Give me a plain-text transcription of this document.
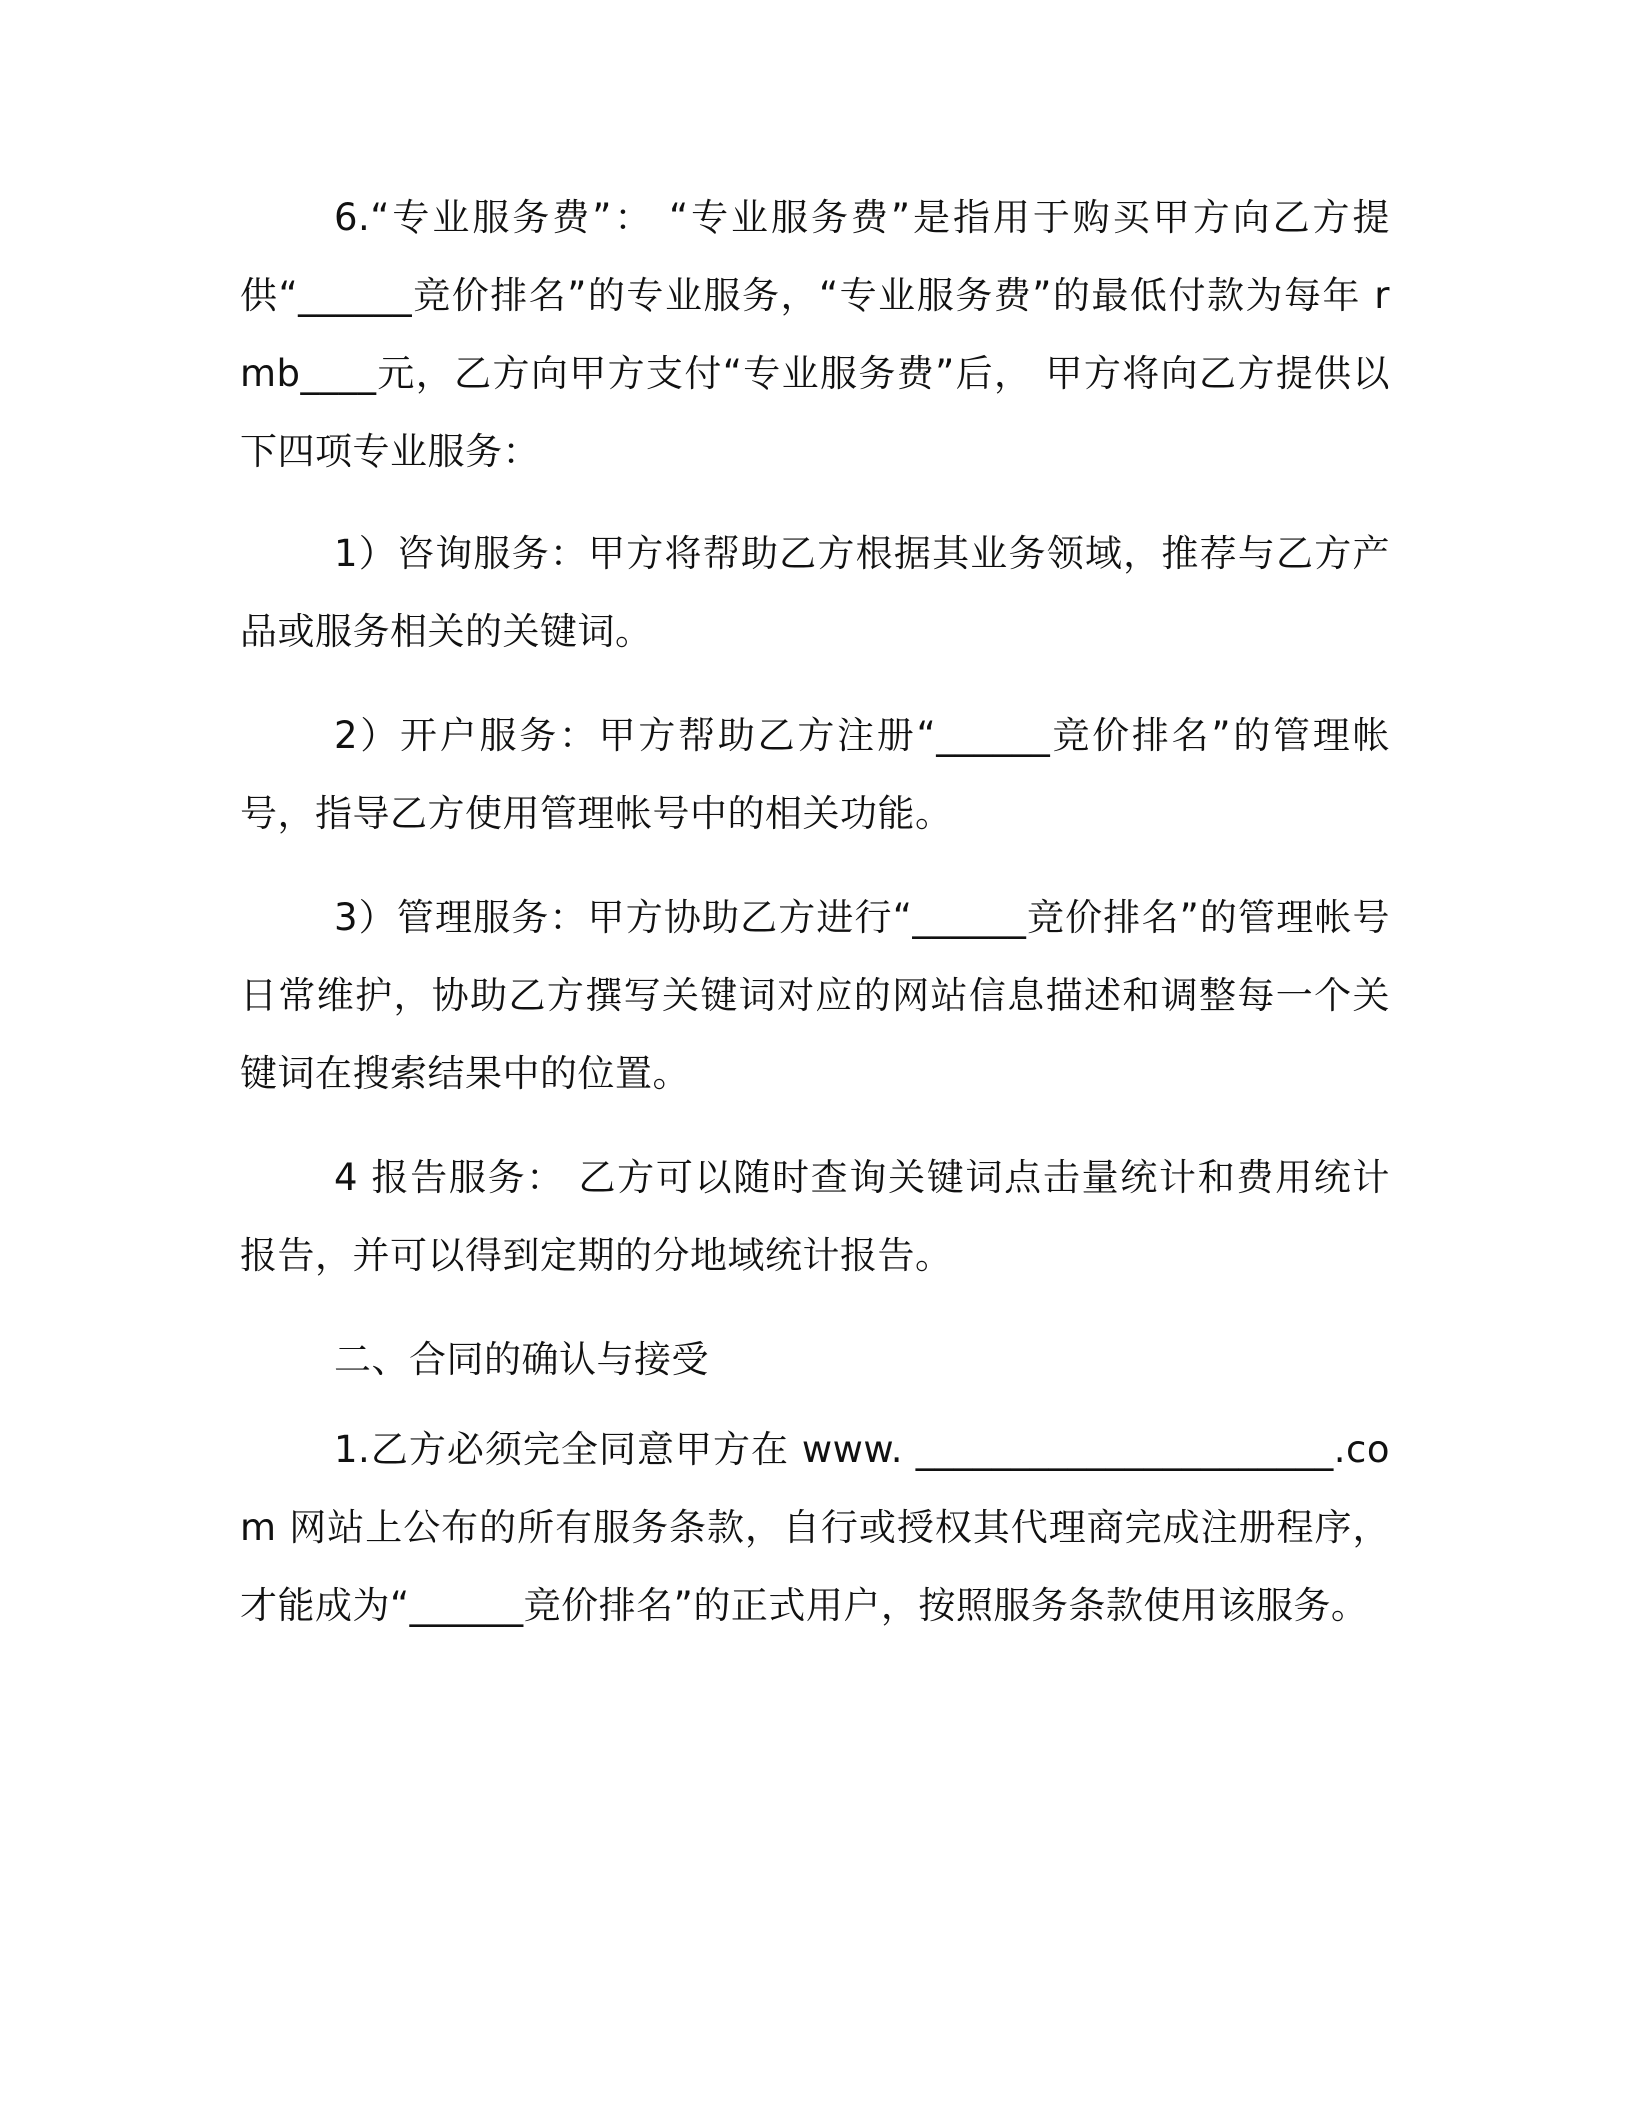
6.“专业服务费”： “专业服务费”是指用于购买甲方向乙方提供“______竞价排名”的专业服务，“专业服务费”的最低付款为每年 rmb____元，乙方向甲方支付“专业服务费”后， 甲方将向乙方提供以下四项专业服务：

1）咨询服务：甲方将帮助乙方根据其业务领域，推荐与乙方产品或服务相关的关键词。

2）开户服务：甲方帮助乙方注册“______竞价排名”的管理帐号，指导乙方使用管理帐号中的相关功能。

3）管理服务：甲方协助乙方进行“______竞价排名”的管理帐号日常维护，协助乙方撰写关键词对应的网站信息描述和调整每一个关键词在搜索结果中的位置。

4 报告服务： 乙方可以随时查询关键词点击量统计和费用统计报告，并可以得到定期的分地域统计报告。

二、合同的确认与接受

1.乙方必须完全同意甲方在 www. ______________________.com 网站上公布的所有服务条款，自行或授权其代理商完成注册程序，才能成为“______竞价排名”的正式用户，按照服务条款使用该服务。
